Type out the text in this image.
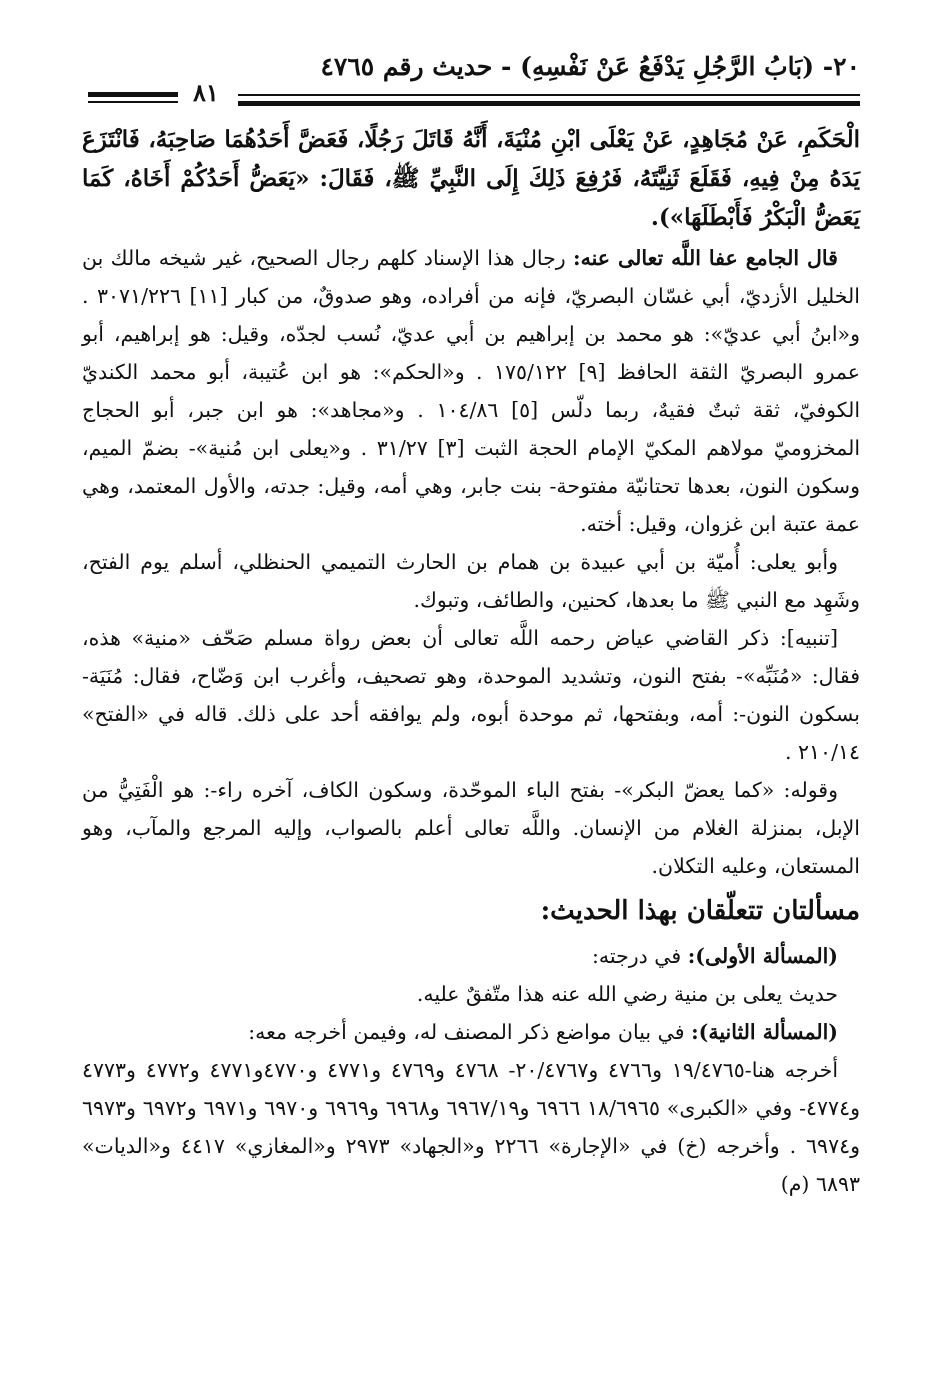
٢٠- (بَابُ الرَّجُلِ يَدْفَعُ عَنْ نَفْسِهِ) - حديث رقم ٤٧٦٥
٨١

الْحَكَمِ، عَنْ مُجَاهِدٍ، عَنْ يَعْلَى ابْنِ مُنْيَةَ، أَنَّهُ قَاتَلَ رَجُلًا، فَعَضَّ أَحَدُهُمَا صَاحِبَهُ، فَانْتَزَعَ يَدَهُ مِنْ فِيهِ، فَقَلَعَ ثَنِيَّتَهُ، فَرُفِعَ ذَلِكَ إِلَى النَّبِيِّ ﷺ، فَقَالَ: «يَعَضُّ أَحَدُكُمْ أَخَاهُ، كَمَا يَعَضُّ الْبَكْرُ فَأَبْطَلَهَا»).

قال الجامع عفا اللَّه تعالى عنه: رجال هذا الإسناد كلهم رجال الصحيح، غير شيخه مالك بن الخليل الأزديّ، أبي غسّان البصريّ، فإنه من أفراده، وهو صدوقٌ، من كبار [١١] ٣٠٧١/٢٢٦ . و«ابنُ أبي عديّ»: هو محمد بن إبراهيم بن أبي عديّ، نُسب لجدّه، وقيل: هو إبراهيم، أبو عمرو البصريّ الثقة الحافظ [٩] ١٧٥/١٢٢ . و«الحكم»: هو ابن عُتيبة، أبو محمد الكنديّ الكوفيّ، ثقة ثبتٌ فقيهٌ، ربما دلّس [٥] ١٠٤/٨٦ . و«مجاهد»: هو ابن جبر، أبو الحجاج المخزوميّ مولاهم المكيّ الإمام الحجة الثبت [٣] ٣١/٢٧ . و«يعلى ابن مُنية»- بضمّ الميم، وسكون النون، بعدها تحتانيّة مفتوحة- بنت جابر، وهي أمه، وقيل: جدته، والأول المعتمد، وهي عمة عتبة ابن غزوان، وقيل: أخته.

وأبو يعلى: أُميّة بن أبي عبيدة بن همام بن الحارث التميمي الحنظلي، أسلم يوم الفتح، وشَهِد مع النبي ﷺ ما بعدها، كحنين، والطائف، وتبوك.

[تنبيه]: ذكر القاضي عياض رحمه اللَّه تعالى أن بعض رواة مسلم صَحّف «منية» هذه، فقال: «مُنَبِّه»- بفتح النون، وتشديد الموحدة، وهو تصحيف، وأغرب ابن وَضّاح، فقال: مُنَيَة- بسكون النون-: أمه، وبفتحها، ثم موحدة أبوه، ولم يوافقه أحد على ذلك. قاله في «الفتح» ٢١٠/١٤ .

وقوله: «كما يعضّ البكر»- بفتح الباء الموحّدة، وسكون الكاف، آخره راء-: هو الْفَتِيُّ من الإبل، بمنزلة الغلام من الإنسان. واللَّه تعالى أعلم بالصواب، وإليه المرجع والمآب، وهو المستعان، وعليه التكلان.

مسألتان تتعلّقان بهذا الحديث:

(المسألة الأولى): في درجته:

حديث يعلى بن منية رضي الله عنه هذا متّفقٌ عليه.

(المسألة الثانية): في بيان مواضع ذكر المصنف له، وفيمن أخرجه معه:

أخرجه هنا-١٩/٤٧٦٥ و٤٧٦٦ و٢٠/٤٧٦٧- ٤٧٦٨ و٤٧٦٩ و٤٧٧١ و٤٧٧٠و٤٧٧١ و٤٧٧٢ و٤٧٧٣ و٤٧٧٤- وفي «الكبرى» ١٨/٦٩٦٥ ٦٩٦٦ و٦٩٦٧/١٩ و٦٩٦٨ و٦٩٦٩ و٦٩٧٠ و٦٩٧١ و٦٩٧٢ و٦٩٧٣ و٦٩٧٤ . وأخرجه (خ) في «الإجارة» ٢٢٦٦ و«الجهاد» ٢٩٧٣ و«المغازي» ٤٤١٧ و«الديات» ٦٨٩٣ (م)
